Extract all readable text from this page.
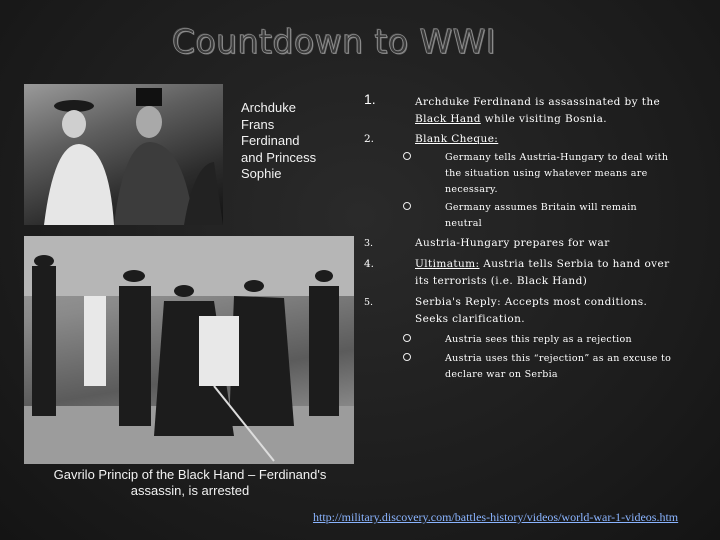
Countdown to WWI
Archduke Frans Ferdinand and Princess Sophie
Gavrilo Princip of the Black Hand – Ferdinand's assassin, is arrested
1.	Archduke Ferdinand is assassinated by the Black Hand while visiting Bosnia.
2.	Blank Cheque:
Germany tells Austria-Hungary to deal with the situation using whatever means are necessary.
Germany assumes Britain will remain neutral
3.	Austria-Hungary prepares for war
4.	Ultimatum: Austria tells Serbia to hand over its terrorists (i.e. Black Hand)
5.	Serbia's Reply: Accepts most conditions. Seeks clarification.
Austria sees this reply as a rejection
Austria uses this “rejection” as an excuse to declare war on Serbia
http://military.discovery.com/battles-history/videos/world-war-1-videos.htm
